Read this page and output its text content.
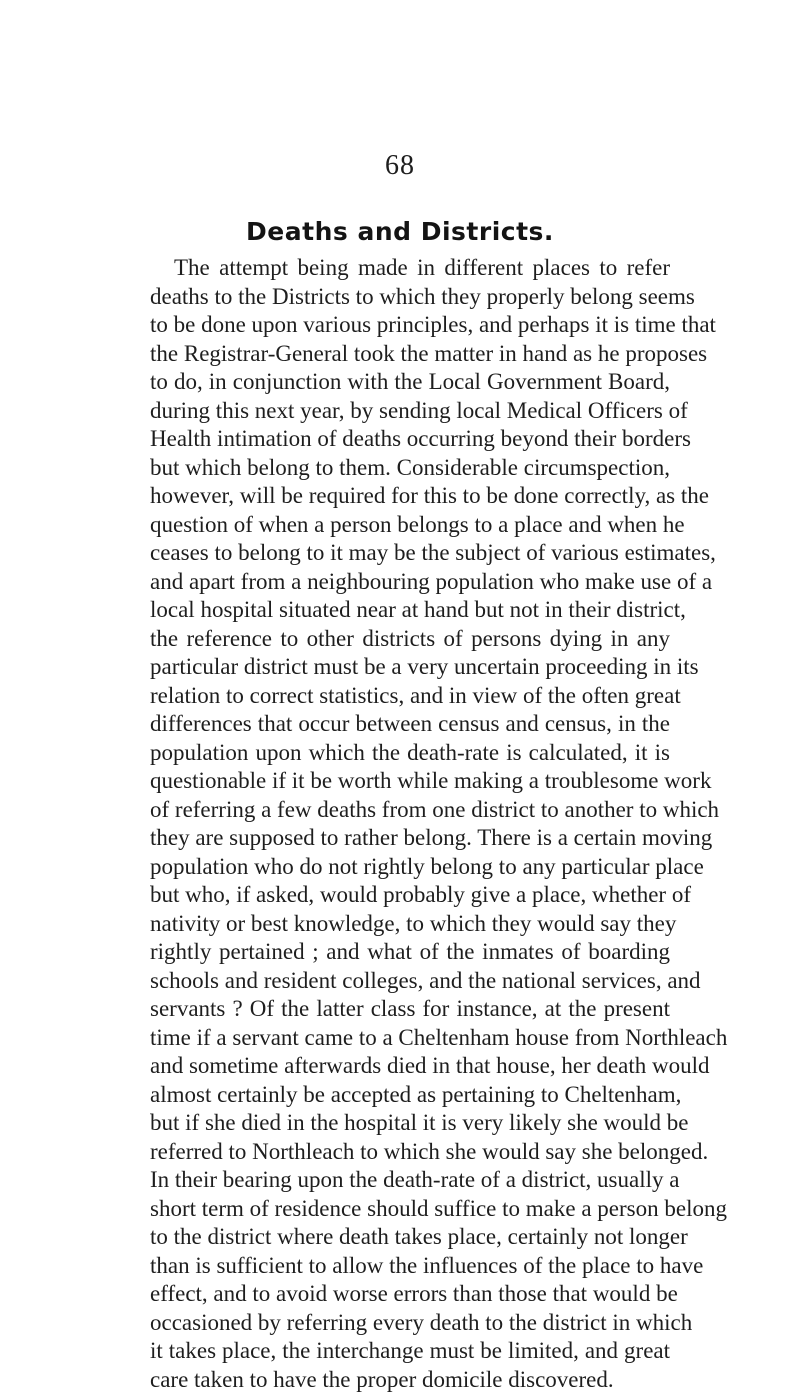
68
Deaths and Districts.
The attempt being made in different places to refer
deaths to the Districts to which they properly belong seems
to be done upon various principles, and perhaps it is time that
the Registrar-General took the matter in hand as he proposes
to do, in conjunction with the Local Government Board,
during this next year, by sending local Medical Officers of
Health intimation of deaths occurring beyond their borders
but which belong to them. Considerable circumspection,
however, will be required for this to be done correctly, as the
question of when a person belongs to a place and when he
ceases to belong to it may be the subject of various estimates,
and apart from a neighbouring population who make use of a
local hospital situated near at hand but not in their district,
the reference to other districts of persons dying in any
particular district must be a very uncertain proceeding in its
relation to correct statistics, and in view of the often great
differences that occur between census and census, in the
population upon which the death-rate is calculated, it is
questionable if it be worth while making a troublesome work
of referring a few deaths from one district to another to which
they are supposed to rather belong. There is a certain moving
population who do not rightly belong to any particular place
but who, if asked, would probably give a place, whether of
nativity or best knowledge, to which they would say they
rightly pertained ; and what of the inmates of boarding
schools and resident colleges, and the national services, and
servants ? Of the latter class for instance, at the present
time if a servant came to a Cheltenham house from Northleach
and sometime afterwards died in that house, her death would
almost certainly be accepted as pertaining to Cheltenham,
but if she died in the hospital it is very likely she would be
referred to Northleach to which she would say she belonged.
In their bearing upon the death-rate of a district, usually a
short term of residence should suffice to make a person belong
to the district where death takes place, certainly not longer
than is sufficient to allow the influences of the place to have
effect, and to avoid worse errors than those that would be
occasioned by referring every death to the district in which
it takes place, the interchange must be limited, and great
care taken to have the proper domicile discovered.
